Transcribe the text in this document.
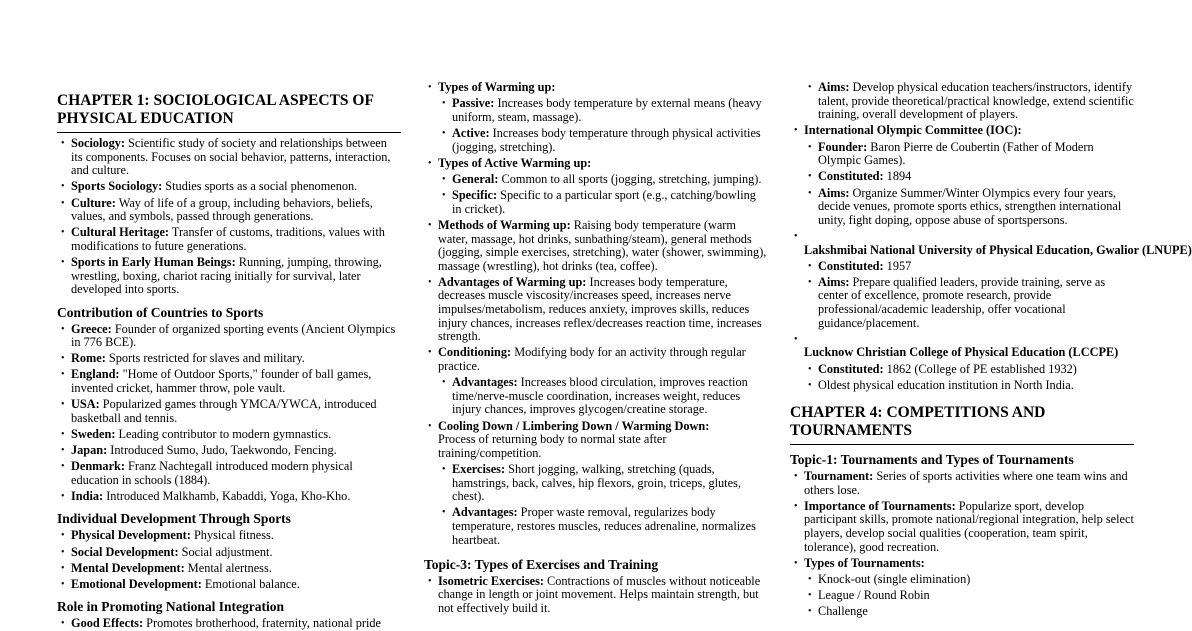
CHAPTER 1: SOCIOLOGICAL ASPECTS OF PHYSICAL EDUCATION
• Sociology: Scientific study of society and relationships between its components. Focuses on social behavior, patterns, interaction, and culture.
• Sports Sociology: Studies sports as a social phenomenon.
• Culture: Way of life of a group, including behaviors, beliefs, values, and symbols, passed through generations.
• Cultural Heritage: Transfer of customs, traditions, values with modifications to future generations.
• Sports in Early Human Beings: Running, jumping, throwing, wrestling, boxing, chariot racing initially for survival, later developed into sports.
Contribution of Countries to Sports
• Greece: Founder of organized sporting events (Ancient Olympics in 776 BCE).
• Rome: Sports restricted for slaves and military.
• England: "Home of Outdoor Sports," founder of ball games, invented cricket, hammer throw, pole vault.
• USA: Popularized games through YMCA/YWCA, introduced basketball and tennis.
• Sweden: Leading contributor to modern gymnastics.
• Japan: Introduced Sumo, Judo, Taekwondo, Fencing.
• Denmark: Franz Nachtegall introduced modern physical education in schools (1884).
• India: Introduced Malkhamb, Kabaddi, Yoga, Kho-Kho.
Individual Development Through Sports
• Physical Development: Physical fitness.
• Social Development: Social adjustment.
• Mental Development: Mental alertness.
• Emotional Development: Emotional balance.
Role in Promoting National Integration
• Good Effects: Promotes brotherhood, fraternity, national pride
• Types of Warming up:
• Passive: Increases body temperature by external means (heavy uniform, steam, massage).
• Active: Increases body temperature through physical activities (jogging, stretching).
• Types of Active Warming up:
• General: Common to all sports (jogging, stretching, jumping).
• Specific: Specific to a particular sport (e.g., catching/bowling in cricket).
• Methods of Warming up: Raising body temperature (warm water, massage, hot drinks, sunbathing/steam), general methods (jogging, simple exercises, stretching), water (shower, swimming), massage (wrestling), hot drinks (tea, coffee).
• Advantages of Warming up: Increases body temperature, decreases muscle viscosity/increases speed, increases nerve impulses/metabolism, reduces anxiety, improves skills, reduces injury chances, increases reflex/decreases reaction time, increases strength.
• Conditioning: Modifying body for an activity through regular practice.
• Advantages: Increases blood circulation, improves reaction time/nerve-muscle coordination, increases weight, reduces injury chances, improves glycogen/creatine storage.
• Cooling Down / Limbering Down / Warming Down:
Process of returning body to normal state after training/competition.
• Exercises: Short jogging, walking, stretching (quads, hamstrings, back, calves, hip flexors, groin, triceps, glutes, chest).
• Advantages: Proper waste removal, regularizes body temperature, restores muscles, reduces adrenaline, normalizes heartbeat.
Topic-3: Types of Exercises and Training
• Isometric Exercises: Contractions of muscles without noticeable change in length or joint movement. Helps maintain strength, but not effectively build it.
• Aims: Develop physical education teachers/instructors, identify talent, provide theoretical/practical knowledge, extend scientific training, overall development of players.
• International Olympic Committee (IOC):
• Founder: Baron Pierre de Coubertin (Father of Modern Olympic Games).
• Constituted: 1894
• Aims: Organize Summer/Winter Olympics every four years, decide venues, promote sports ethics, strengthen international unity, fight doping, oppose abuse of sportspersons.

• Lakshmibai National University of Physical Education, Gwalior (LNUPE)
• Constituted: 1957
• Aims: Prepare qualified leaders, provide training, serve as center of excellence, promote research, provide professional/academic leadership, offer vocational guidance/placement.

• Lucknow Christian College of Physical Education (LCCPE)
• Constituted: 1862 (College of PE established 1932)
• Oldest physical education institution in North India.
CHAPTER 4: COMPETITIONS AND TOURNAMENTS
Topic-1: Tournaments and Types of Tournaments
• Tournament: Series of sports activities where one team wins and others lose.
• Importance of Tournaments: Popularize sport, develop participant skills, promote national/regional integration, help select players, develop social qualities (cooperation, team spirit, tolerance), good recreation.
• Types of Tournaments:
• Knock-out (single elimination)
• League / Round Robin
• Challenge
